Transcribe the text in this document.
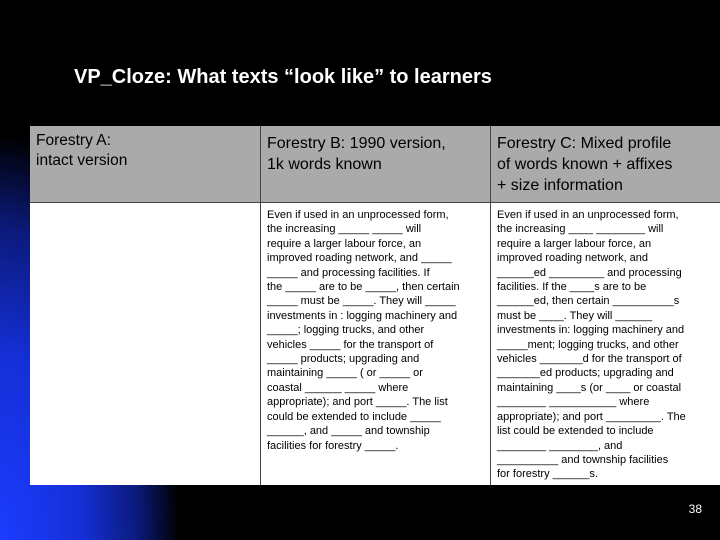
VP_Cloze: What texts “look like” to learners
Forestry A:
intact version
Forestry B: 1990 version,
1k words known
Forestry C: Mixed profile
of words known + affixes
+ size information
Even if used in an unprocessed form,
the increasing _____ _____ will
require a larger labour force, an
improved roading network, and _____
_____ and processing facilities. If
the _____ are to be _____, then certain
_____ must be _____. They will _____
investments in : logging machinery and
_____; logging trucks, and other
vehicles _____ for the transport of
_____ products; upgrading and
maintaining _____ ( or _____ or
coastal ______ _____ where
appropriate); and port _____. The list
could be extended to include _____
______, and _____ and township
facilities for forestry _____.
Even if used in an unprocessed form,
the increasing ____ ________ will
require a larger labour force, an
improved roading network, and
______ed _________ and processing
facilities. If the ____s are to be
______ed, then certain __________s
must be ____. They will ______
investments in: logging machinery and
_____ment; logging trucks, and other
vehicles _______d for the transport of
_______ed products; upgrading and
maintaining ____s (or ____ or coastal
________ ___________ where
appropriate); and port _________. The
list could be extended to include
________ ________, and
__________ and township facilities
for forestry ______s.
38
